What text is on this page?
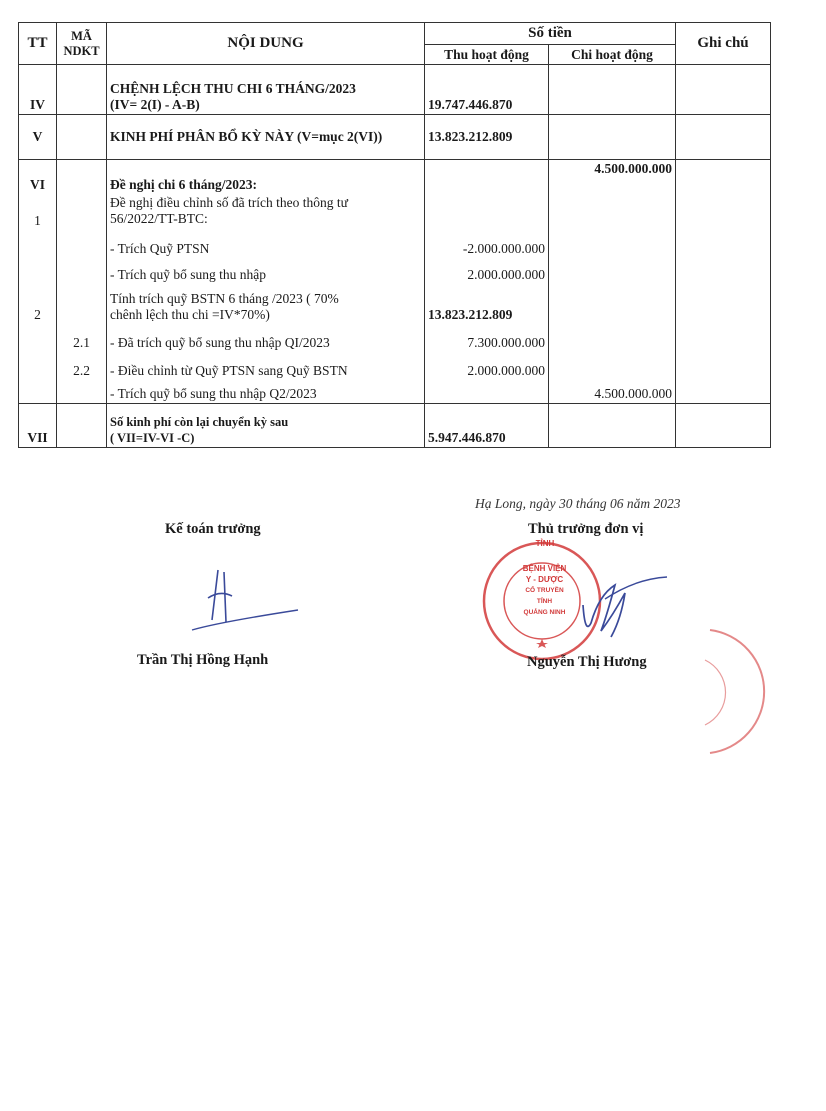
TT	MÃ NDKT	NỘI DUNG	Số tiền		Ghi chú
			Thu hoạt động	Chi hoạt động	
IV		CHỆNH LỆCH THU CHI 6 THÁNG/2023
(IV= 2(I) - A-B)	19.747.446.870		
V		KINH PHÍ PHÂN BỔ KỲ NÀY (V=mục 2(VI))	13.823.212.809		
VI		Đề nghị chi 6 tháng/2023:		4.500.000.000	
1		Đề nghị điều chỉnh số đã trích theo thông tư
56/2022/TT-BTC:			

		- Trích Quỹ PTSN	-2.000.000.000		
		- Trích quỹ bổ sung thu nhập	2.000.000.000		
2		Tính trích quỹ BSTN 6 tháng /2023 ( 70%
chênh lệch thu chi =IV*70%)	13.823.212.809		
	2.1	- Đã trích quỹ bổ sung thu nhập QI/2023	7.300.000.000		
	2.2	- Điều chỉnh từ Quỹ PTSN sang Quỹ BSTN	2.000.000.000		
		- Trích quỹ bổ sung thu nhập Q2/2023		4.500.000.000	
VII		Số kinh phí còn lại chuyển kỳ sau
( VII=IV-VI -C)	5.947.446.870		
Hạ Long, ngày 30 tháng 06 năm 2023
Kế toán trưởng	Thủ trưởng đơn vị
BỆNH VIỆN
Y - DƯỢC
CỔ TRUYỀN TỈNH
QUẢNG NINH
TỈNH
Trần Thị Hồng Hạnh	Nguyễn Thị Hương
